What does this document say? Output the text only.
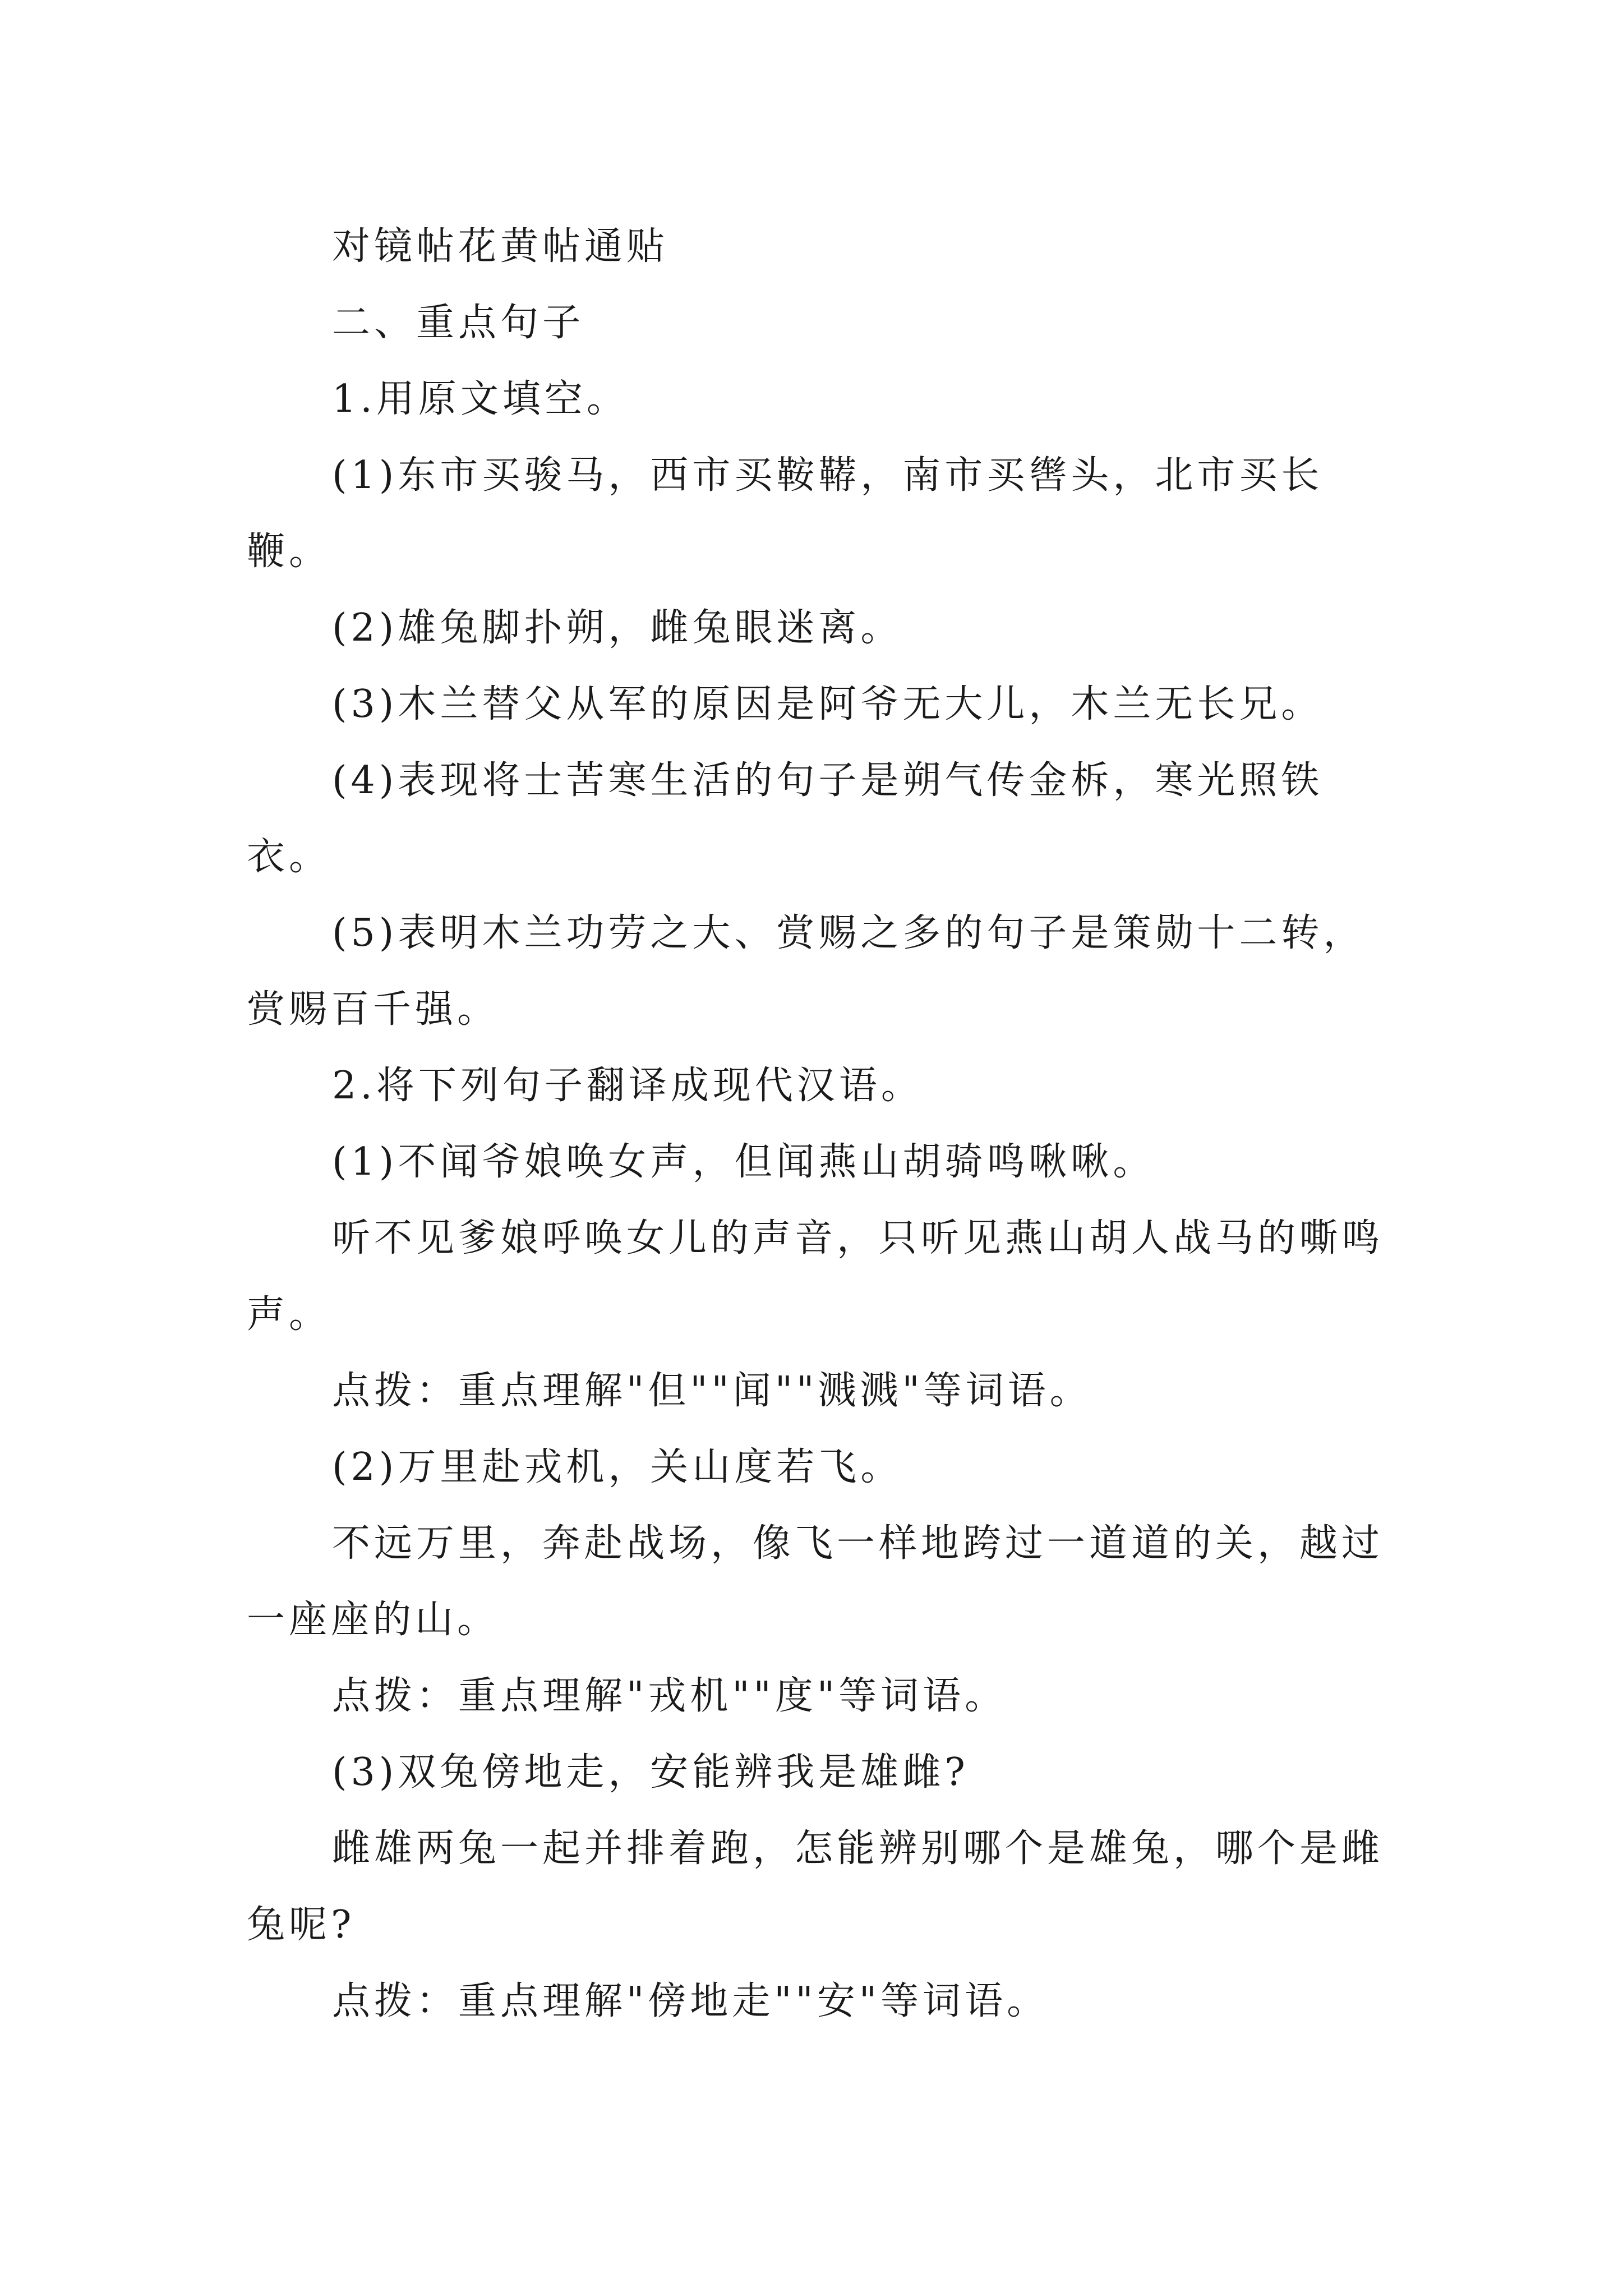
对镜帖花黄帖通贴

二、重点句子

1.用原文填空。

(1)东市买骏马，西市买鞍鞯，南市买辔头，北市买长鞭。

(2)雄兔脚扑朔，雌兔眼迷离。

(3)木兰替父从军的原因是阿爷无大儿，木兰无长兄。

(4)表现将士苦寒生活的句子是朔气传金柝，寒光照铁衣。

(5)表明木兰功劳之大、赏赐之多的句子是策勋十二转，赏赐百千强。

2.将下列句子翻译成现代汉语。

(1)不闻爷娘唤女声，但闻燕山胡骑鸣啾啾。

听不见爹娘呼唤女儿的声音，只听见燕山胡人战马的嘶鸣声。

点拨：重点理解"但""闻""溅溅"等词语。

(2)万里赴戎机，关山度若飞。

不远万里，奔赴战场，像飞一样地跨过一道道的关，越过一座座的山。

点拨：重点理解"戎机""度"等词语。

(3)双兔傍地走，安能辨我是雄雌?

雌雄两兔一起并排着跑，怎能辨别哪个是雄兔，哪个是雌兔呢?

点拨：重点理解"傍地走""安"等词语。
